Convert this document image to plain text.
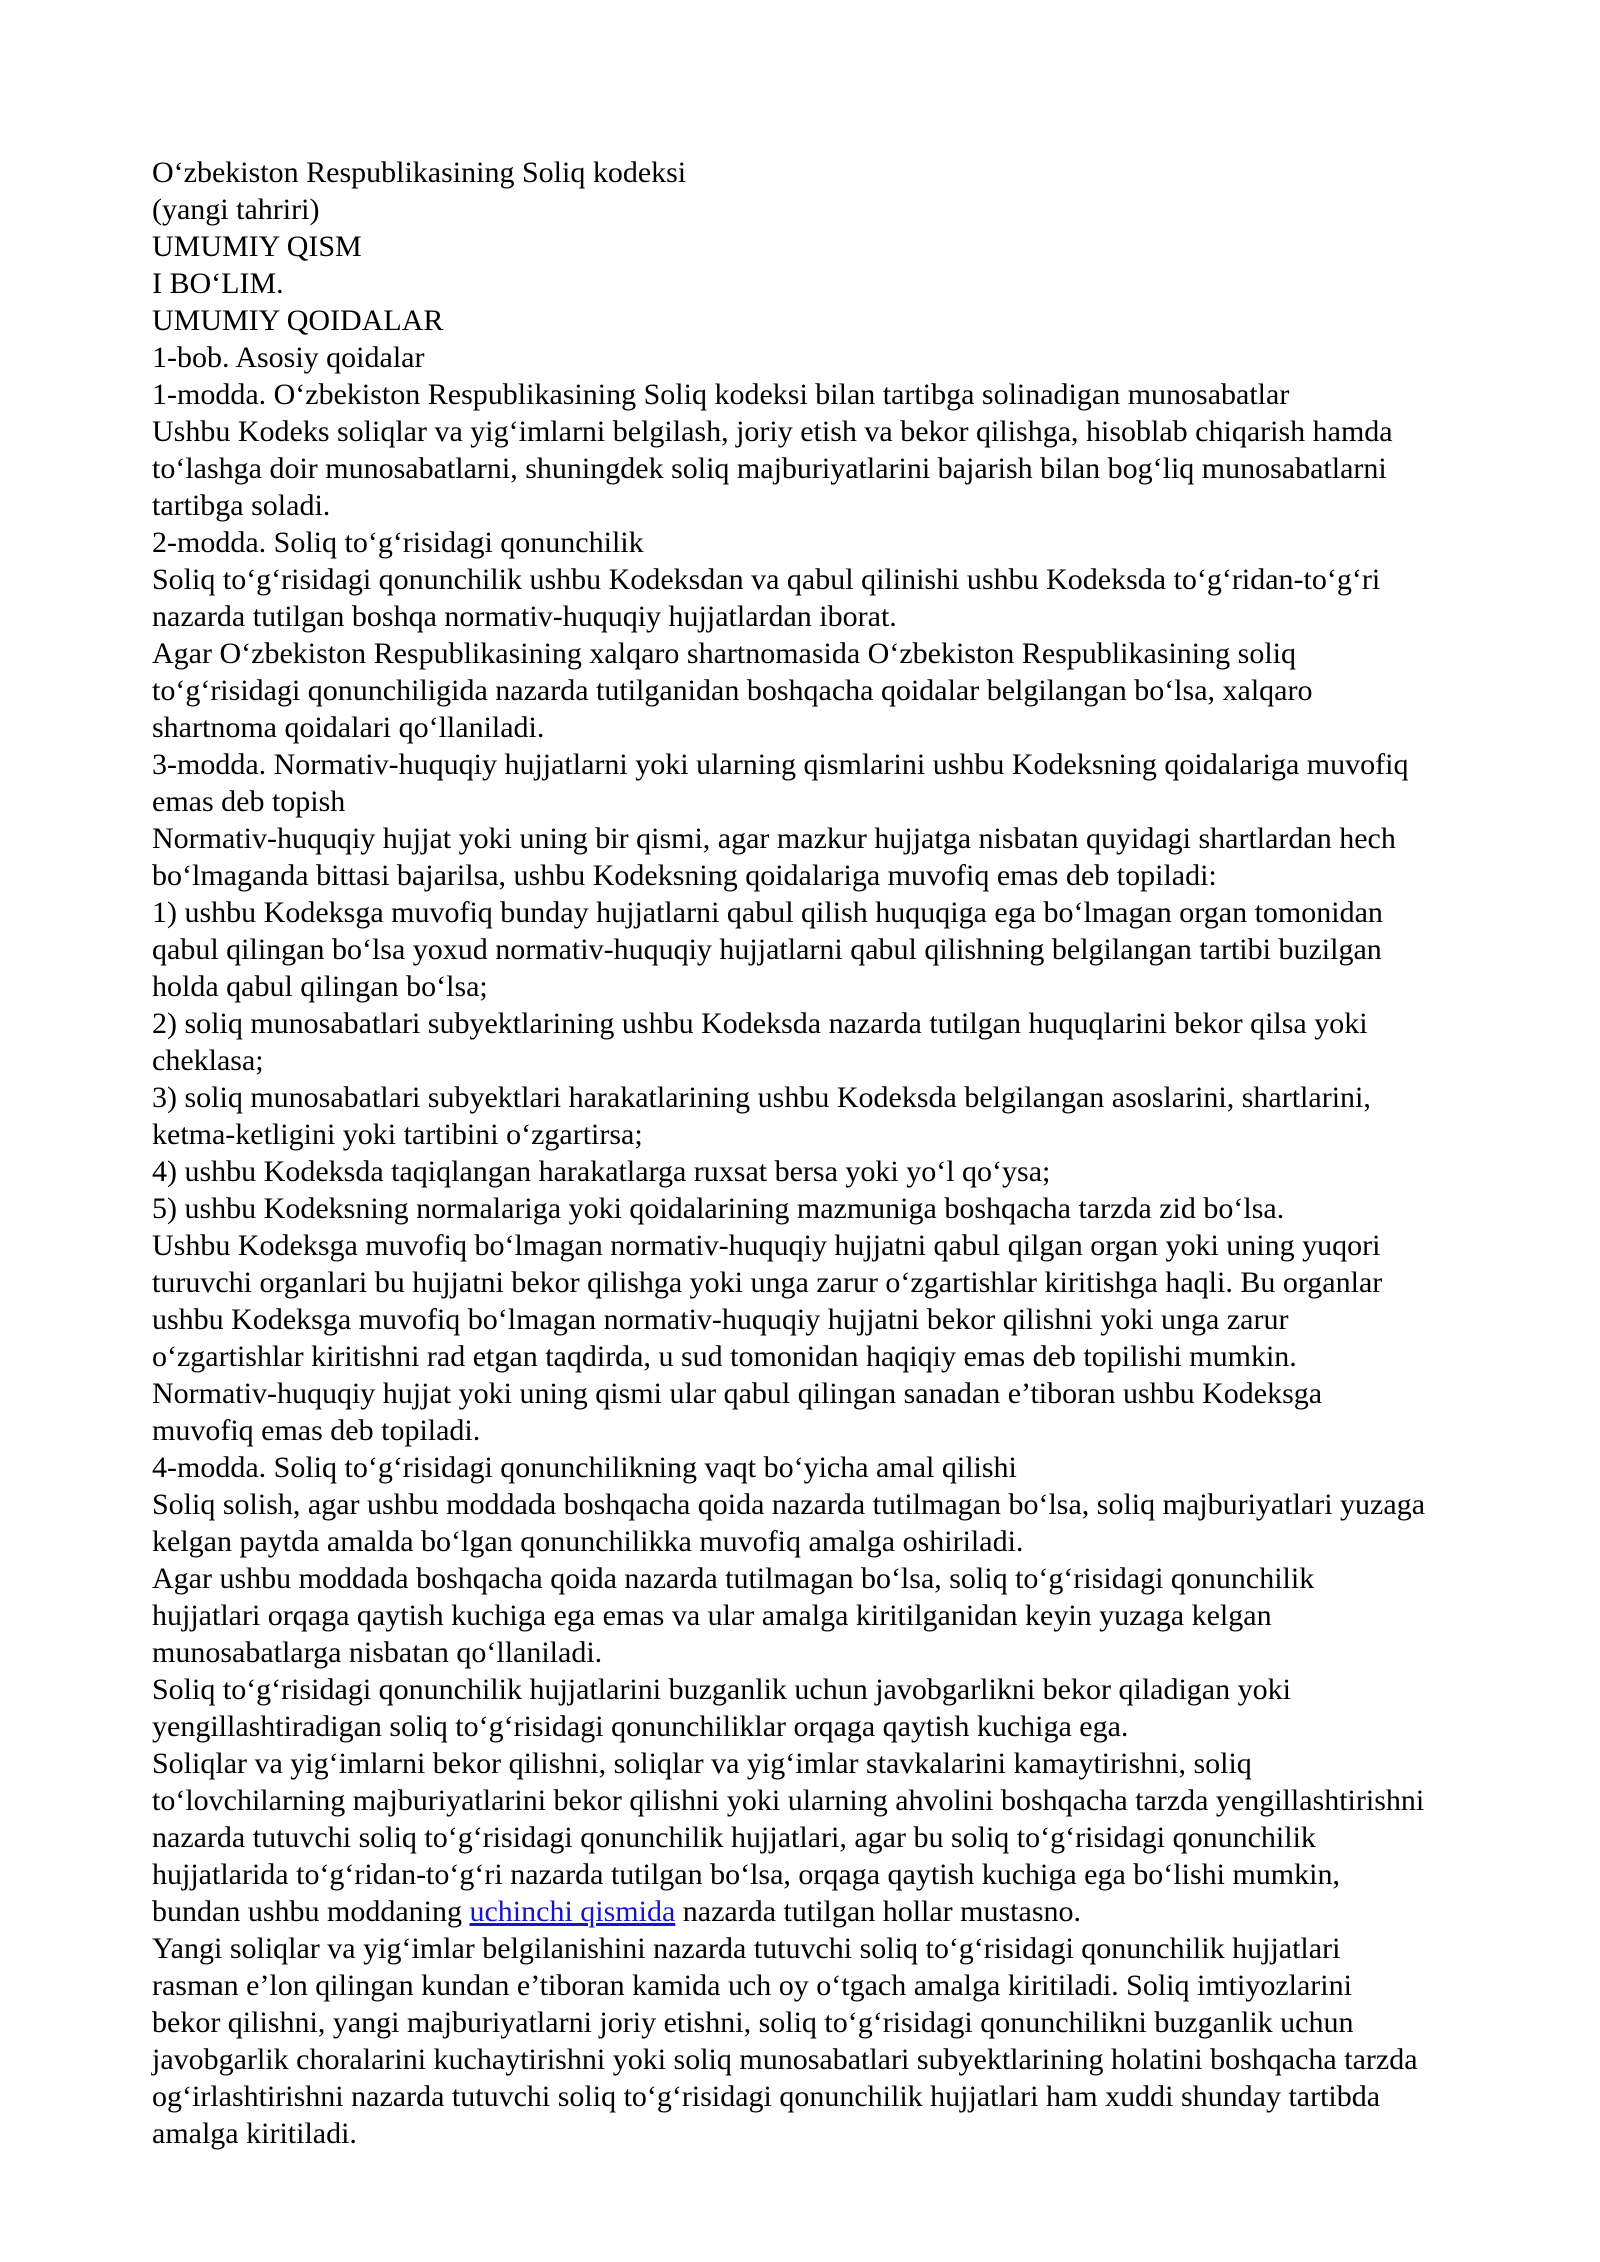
O‘zbekiston Respublikasining Soliq kodeksi
(yangi tahriri)
UMUMIY QISM
I BO‘LIM.
UMUMIY QOIDALAR
1-bob. Asosiy qoidalar
1-modda. O‘zbekiston Respublikasining Soliq kodeksi bilan tartibga solinadigan munosabatlar
Ushbu Kodeks soliqlar va yig‘imlarni belgilash, joriy etish va bekor qilishga, hisoblab chiqarish hamda
to‘lashga doir munosabatlarni, shuningdek soliq majburiyatlarini bajarish bilan bog‘liq munosabatlarni
tartibga soladi.
2-modda. Soliq to‘g‘risidagi qonunchilik
Soliq to‘g‘risidagi qonunchilik ushbu Kodeksdan va qabul qilinishi ushbu Kodeksda to‘g‘ridan-to‘g‘ri
nazarda tutilgan boshqa normativ-huquqiy hujjatlardan iborat.
Agar O‘zbekiston Respublikasining xalqaro shartnomasida O‘zbekiston Respublikasining soliq
to‘g‘risidagi qonunchiligida nazarda tutilganidan boshqacha qoidalar belgilangan bo‘lsa, xalqaro
shartnoma qoidalari qo‘llaniladi.
3-modda. Normativ-huquqiy hujjatlarni yoki ularning qismlarini ushbu Kodeksning qoidalariga muvofiq
emas deb topish
Normativ-huquqiy hujjat yoki uning bir qismi, agar mazkur hujjatga nisbatan quyidagi shartlardan hech
bo‘lmaganda bittasi bajarilsa, ushbu Kodeksning qoidalariga muvofiq emas deb topiladi:
1) ushbu Kodeksga muvofiq bunday hujjatlarni qabul qilish huquqiga ega bo‘lmagan organ tomonidan
qabul qilingan bo‘lsa yoxud normativ-huquqiy hujjatlarni qabul qilishning belgilangan tartibi buzilgan
holda qabul qilingan bo‘lsa;
2) soliq munosabatlari subyektlarining ushbu Kodeksda nazarda tutilgan huquqlarini bekor qilsa yoki
cheklasa;
3) soliq munosabatlari subyektlari harakatlarining ushbu Kodeksda belgilangan asoslarini, shartlarini,
ketma-ketligini yoki tartibini o‘zgartirsa;
4) ushbu Kodeksda taqiqlangan harakatlarga ruxsat bersa yoki yo‘l qo‘ysa;
5) ushbu Kodeksning normalariga yoki qoidalarining mazmuniga boshqacha tarzda zid bo‘lsa.
Ushbu Kodeksga muvofiq bo‘lmagan normativ-huquqiy hujjatni qabul qilgan organ yoki uning yuqori
turuvchi organlari bu hujjatni bekor qilishga yoki unga zarur o‘zgartishlar kiritishga haqli. Bu organlar
ushbu Kodeksga muvofiq bo‘lmagan normativ-huquqiy hujjatni bekor qilishni yoki unga zarur
o‘zgartishlar kiritishni rad etgan taqdirda, u sud tomonidan haqiqiy emas deb topilishi mumkin.
Normativ-huquqiy hujjat yoki uning qismi ular qabul qilingan sanadan e’tiboran ushbu Kodeksga
muvofiq emas deb topiladi.
4-modda. Soliq to‘g‘risidagi qonunchilikning vaqt bo‘yicha amal qilishi
Soliq solish, agar ushbu moddada boshqacha qoida nazarda tutilmagan bo‘lsa, soliq majburiyatlari yuzaga
kelgan paytda amalda bo‘lgan qonunchilikka muvofiq amalga oshiriladi.
Agar ushbu moddada boshqacha qoida nazarda tutilmagan bo‘lsa, soliq to‘g‘risidagi qonunchilik
hujjatlari orqaga qaytish kuchiga ega emas va ular amalga kiritilganidan keyin yuzaga kelgan
munosabatlarga nisbatan qo‘llaniladi.
Soliq to‘g‘risidagi qonunchilik hujjatlarini buzganlik uchun javobgarlikni bekor qiladigan yoki
yengillashtiradigan soliq to‘g‘risidagi qonunchiliklar orqaga qaytish kuchiga ega.
Soliqlar va yig‘imlarni bekor qilishni, soliqlar va yig‘imlar stavkalarini kamaytirishni, soliq
to‘lovchilarning majburiyatlarini bekor qilishni yoki ularning ahvolini boshqacha tarzda yengillashtirishni
nazarda tutuvchi soliq to‘g‘risidagi qonunchilik hujjatlari, agar bu soliq to‘g‘risidagi qonunchilik
hujjatlarida to‘g‘ridan-to‘g‘ri nazarda tutilgan bo‘lsa, orqaga qaytish kuchiga ega bo‘lishi mumkin,
bundan ushbu moddaning uchinchi qismida nazarda tutilgan hollar mustasno.
Yangi soliqlar va yig‘imlar belgilanishini nazarda tutuvchi soliq to‘g‘risidagi qonunchilik hujjatlari
rasman e’lon qilingan kundan e’tiboran kamida uch oy o‘tgach amalga kiritiladi. Soliq imtiyozlarini
bekor qilishni, yangi majburiyatlarni joriy etishni, soliq to‘g‘risidagi qonunchilikni buzganlik uchun
javobgarlik choralarini kuchaytirishni yoki soliq munosabatlari subyektlarining holatini boshqacha tarzda
og‘irlashtirishni nazarda tutuvchi soliq to‘g‘risidagi qonunchilik hujjatlari ham xuddi shunday tartibda
amalga kiritiladi.
